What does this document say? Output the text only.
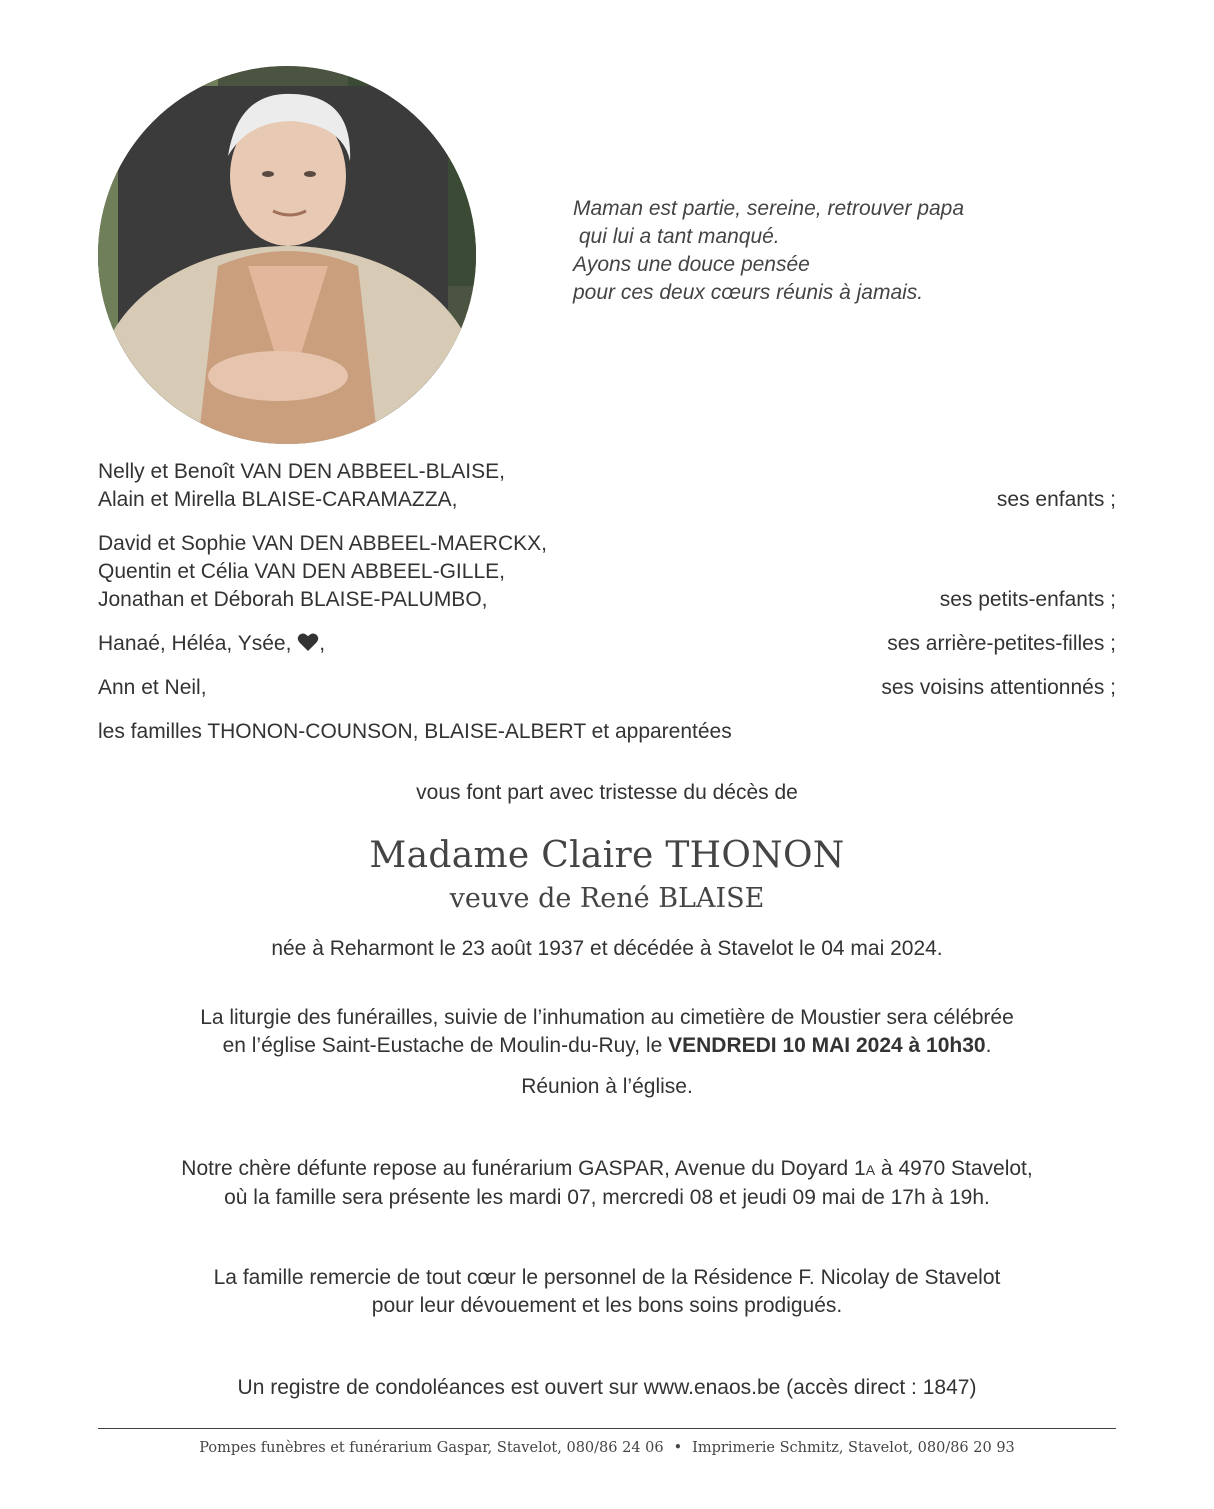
Maman est partie, sereine, retrouver papa
qui lui a tant manqué.
Ayons une douce pensée
pour ces deux cœurs réunis à jamais.
Nelly et Benoît VAN DEN ABBEEL-BLAISE,
Alain et Mirella BLAISE-CARAMAZZA,	ses enfants ;
David et Sophie VAN DEN ABBEEL-MAERCKX,
Quentin et Célia VAN DEN ABBEEL-GILLE,
Jonathan et Déborah BLAISE-PALUMBO,	ses petits-enfants ;
Hanaé, Héléa, Ysée, ,	ses arrière-petites-filles ;
Ann et Neil,	ses voisins attentionnés ;
les familles THONON-COUNSON, BLAISE-ALBERT et apparentées
vous font part avec tristesse du décès de
Madame Claire THONON
veuve de René BLAISE
née à Reharmont le 23 août 1937 et décédée à Stavelot le 04 mai 2024.
La liturgie des funérailles, suivie de l’inhumation au cimetière de Moustier sera célébrée
en l’église Saint-Eustache de Moulin-du-Ruy, le VENDREDI 10 MAI 2024 à 10h30.
Réunion à l’église.
Notre chère défunte repose au funérarium GASPAR, Avenue du Doyard 1A à 4970 Stavelot,
où la famille sera présente les mardi 07, mercredi 08 et jeudi 09 mai de 17h à 19h.
La famille remercie de tout cœur le personnel de la Résidence F. Nicolay de Stavelot
pour leur dévouement et les bons soins prodigués.
Un registre de condoléances est ouvert sur www.enaos.be (accès direct : 1847)
Pompes funèbres et funérarium Gaspar, Stavelot, 080/86 24 06 • Imprimerie Schmitz, Stavelot, 080/86 20 93
